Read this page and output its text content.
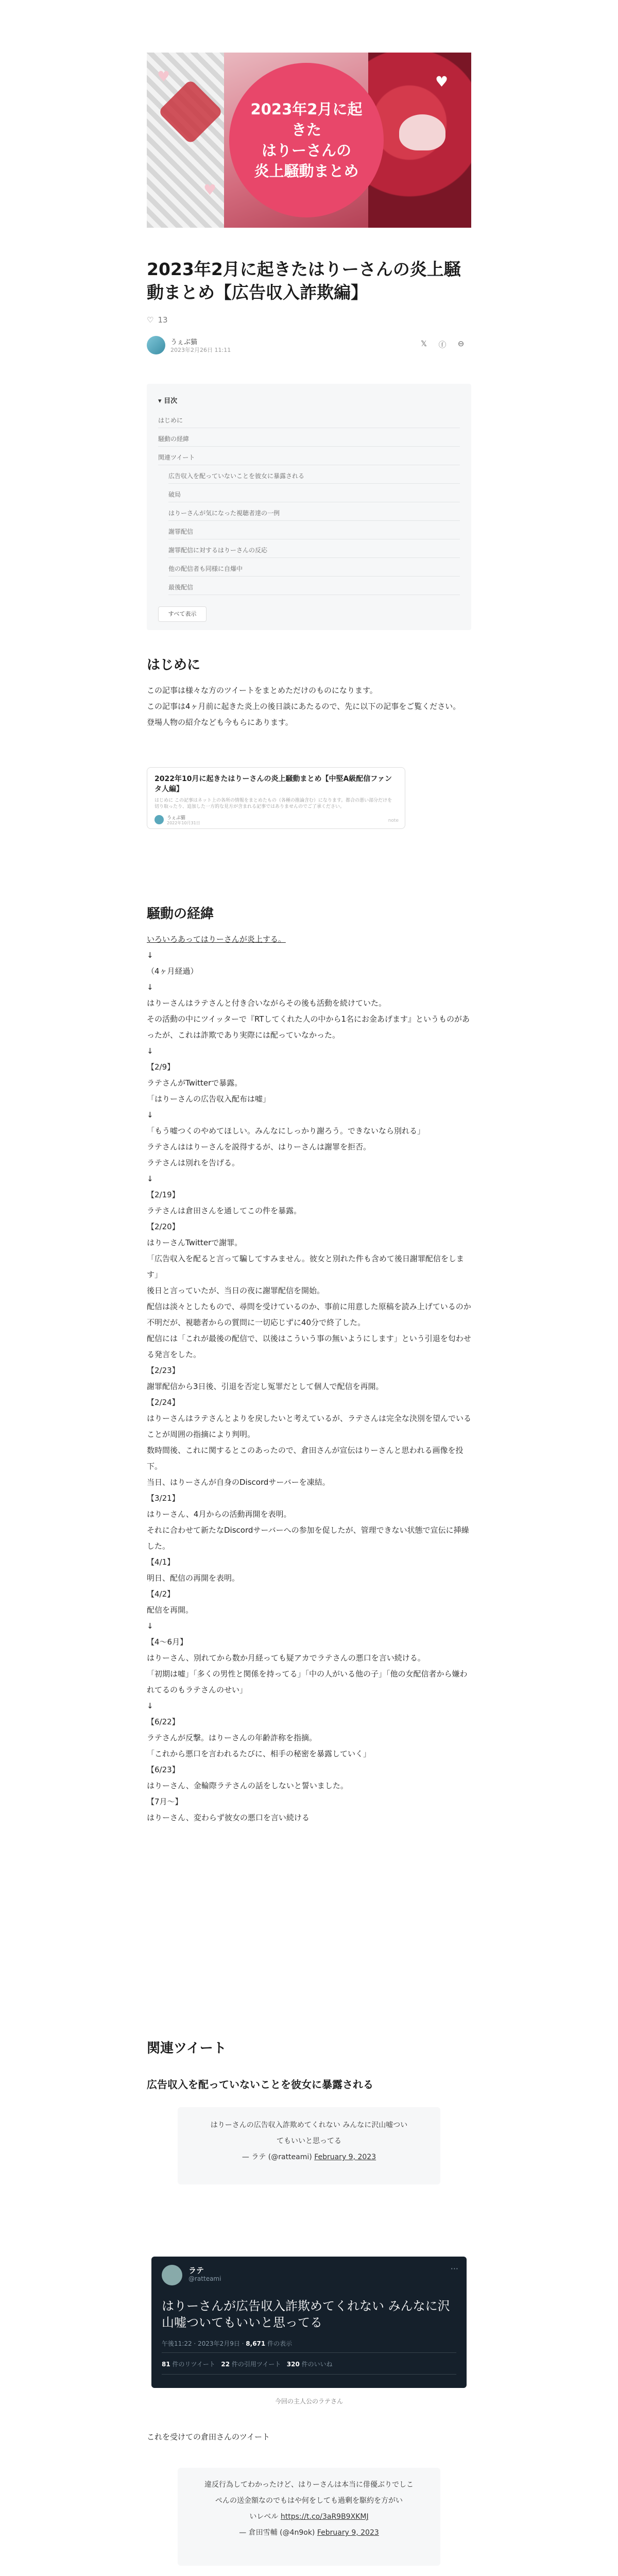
2023年2月に起きた
はりーさんの
炎上騒動まとめ
♥
♥
♥
2023年2月に起きたはりーさんの炎上騒動まとめ【広告収入詐欺編】
♡ 13
うぇぶ猫
2023年2月26日 11:11
𝕏 ⓕ ⊖
▾ 目次
はじめに
騒動の経緯
関連ツイート
広告収入を配っていないことを彼女に暴露される
破局
はりーさんが気になった視聴者達の一例
謝罪配信
謝罪配信に対するはりーさんの反応
他の配信者も同様に自爆中
最後配信
すべて表示
はじめに

この記事は様々な方のツイートをまとめただけのものになります。

この記事は4ヶ月前に起きた炎上の後日談にあたるので、先に以下の記事をご覧ください。

登場人物の紹介なども今もらにあります。

2022年10月に起きたはりーさんの炎上騒動まとめ【中堅A級配信ファンタ人編】
はじめに この記事はネット上の各所の情報をまとめたもの（各種の推論含む）になります。都合の悪い部分だけを切り取ったり、追加した一方的な見方が含まれる記事ではありませんのでご了承ください。
うぇぶ猫
2022年10月31日	note
騒動の経緯

いろいろあってはりーさんが炎上する。

↓

（4ヶ月経過）

↓

はりーさんはラテさんと付き合いながらその後も活動を続けていた。

その活動の中にツイッターで『RTしてくれた人の中から1名にお金あげます』というものがあったが、これは詐欺であり実際には配っていなかった。

↓

【2/9】

ラテさんがTwitterで暴露。

「はりーさんの広告収入配布は嘘」

↓

「もう嘘つくのやめてほしい。みんなにしっかり謝ろう。できないなら別れる」

ラテさんははりーさんを説得するが、はりーさんは謝罪を拒否。

ラテさんは別れを告げる。

↓

【2/19】

ラテさんは倉田さんを通してこの件を暴露。

【2/20】

はりーさんTwitterで謝罪。

「広告収入を配ると言って騙してすみません。彼女と別れた件も含めて後日謝罪配信をします」

後日と言っていたが、当日の夜に謝罪配信を開始。

配信は淡々としたもので、尋問を受けているのか、事前に用意した原稿を読み上げているのか不明だが、視聴者からの質問に一切応じずに40分で終了した。

配信には「これが最後の配信で、以後はこういう事の無いようにします」という引退を匂わせる発言をした。

【2/23】

謝罪配信から3日後、引退を否定し冤罪だとして個人で配信を再開。

【2/24】

はりーさんはラテさんとよりを戻したいと考えているが、ラテさんは完全な決別を望んでいることが周囲の指摘により判明。

数時間後、これに関するとこのあったので、倉田さんが宣伝はりーさんと思われる画像を投下。

当日、はりーさんが自身のDiscordサーバーを凍結。

【3/21】

はりーさん、4月からの活動再開を表明。

それに合わせて新たなDiscordサーバーへの参加を促したが、管理できない状態で宣伝に挿繰した。

【4/1】

明日、配信の再開を表明。

【4/2】

配信を再開。

↓

【4〜6月】

はりーさん、別れてから数か月経っても疑アカでラテさんの悪口を言い続ける。

「初期は嘘」「多くの男性と関係を持ってる」「中の人がいる他の子」「他の女配信者から嫌われてるのもラテさんのせい」

↓

【6/22】

ラテさんが反撃。はりーさんの年齢詐称を指摘。

「これから悪口を言われるたびに、相手の秘密を暴露していく」

【6/23】

はりーさん、金輪際ラテさんの話をしないと誓いました。

【7月〜】

はりーさん、変わらず彼女の悪口を言い続ける

関連ツイート
広告収入を配っていないことを彼女に暴露される
はりーさんの広告収入詐欺めてくれない みんなに沢山嘘ついてもいいと思ってる
— ラテ (@ratteami) February 9, 2023
ラテ
@ratteami
···
はりーさんが広告収入詐欺めてくれない みんなに沢山嘘ついてもいいと思ってる
午後11:22 · 2023年2月9日 · 8,671 件の表示
81 件のリツイート 22 件の引用ツイート 320 件のいいね
今回の主人公のラテさん

これを受けての倉田さんのツイート

違反行為してわかったけど、はりーさんは本当に俳優ぶりでしこ
ぺんの送金額なのでもはや何をしても過剰を駆約を方がい
いレベル https://t.co/3aR9B9XKMJ
— 倉田雪輔 (@4n9ok) February 9, 2023
